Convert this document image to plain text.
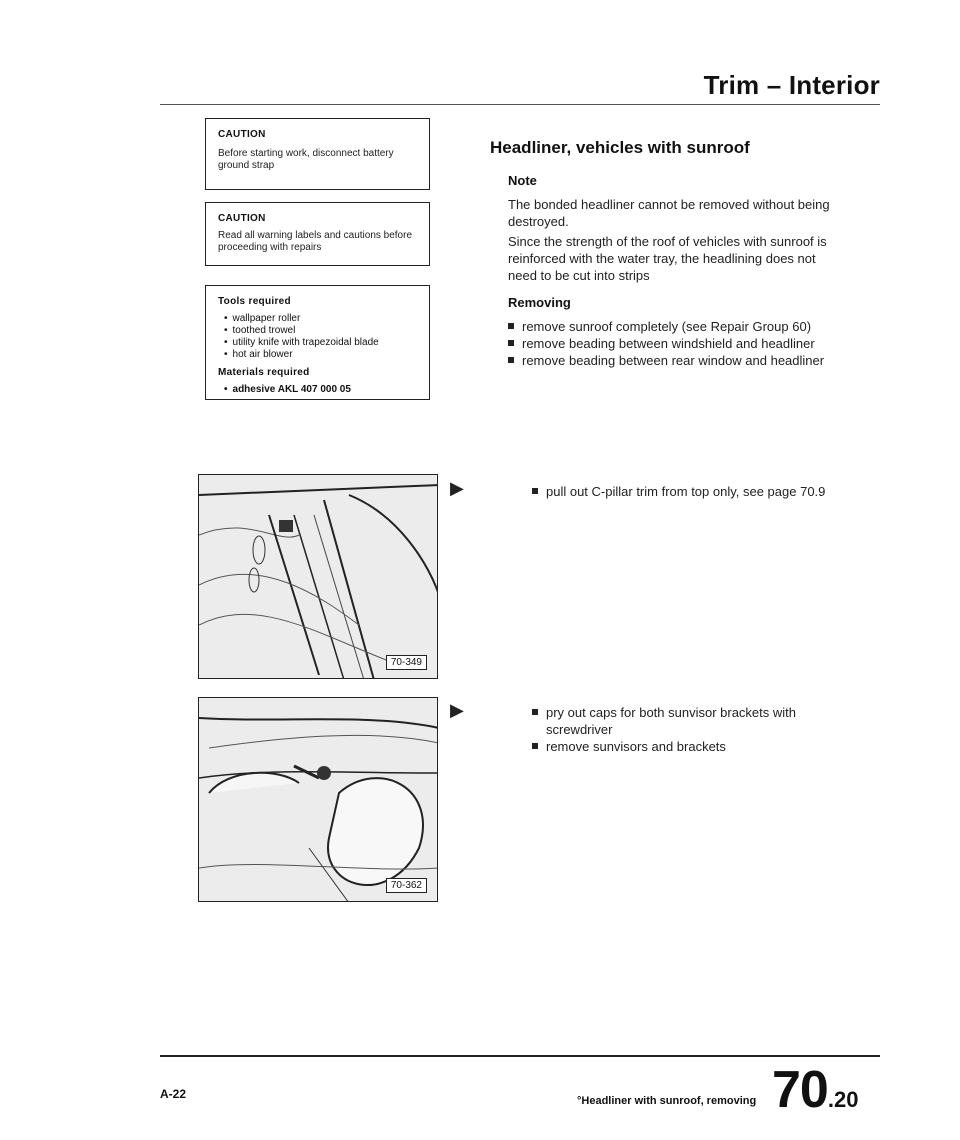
Trim – Interior
CAUTION
Before starting work, disconnect battery ground strap
CAUTION
Read all warning labels and cautions before proceeding with repairs
Tools required
• wallpaper roller
• toothed trowel
• utility knife with trapezoidal blade
• hot air blower
Materials required
• adhesive AKL 407 000 05
Headliner, vehicles with sunroof
Note
The bonded headliner cannot be removed without being destroyed.
Since the strength of the roof of vehicles with sunroof is reinforced with the water tray, the headlining does not need to be cut into strips
Removing
remove sunroof completely (see Repair Group 60)
remove beading between windshield and headliner
remove beading between rear window and headliner
70-349
▶	pull out C-pillar trim from top only, see page 70.9
70-362
▶	pry out caps for both sunvisor brackets with screwdriver
remove sunvisors and brackets
A-22	°Headliner with sunroof, removing 70.20
